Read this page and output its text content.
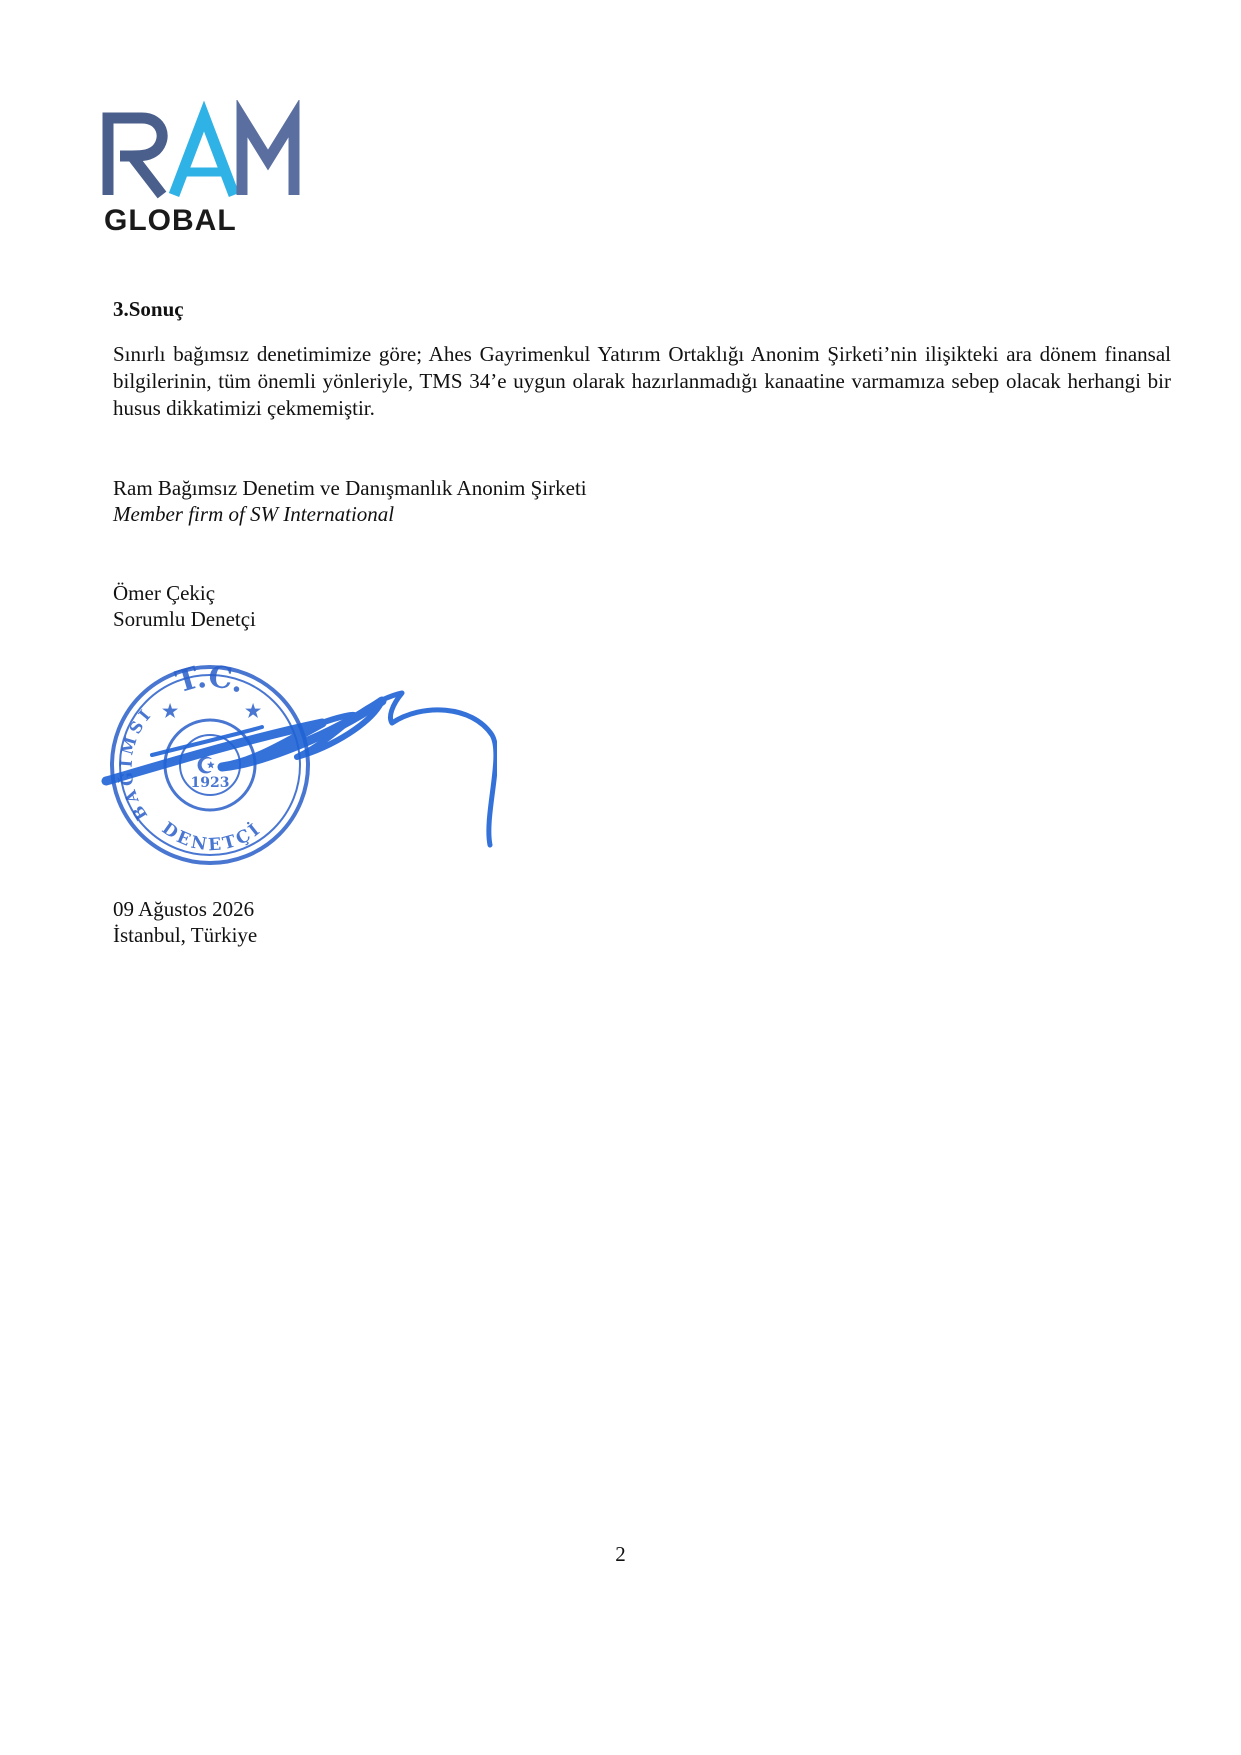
GLOBAL
3.Sonuç

Sınırlı bağımsız denetimimize göre; Ahes Gayrimenkul Yatırım Ortaklığı Anonim Şirketi’nin ilişikteki ara dönem finansal bilgilerinin, tüm önemli yönleriyle, TMS 34’e uygun olarak hazırlanmadığı kanaatine varmamıza sebep olacak herhangi bir husus dikkatimizi çekmemiştir.

Ram Bağımsız Denetim ve Danışmanlık Anonim Şirketi
Member firm of SW International
Ömer Çekiç
Sorumlu Denetçi
★	★
T.C.
BAĞIMSI
DENETÇİ
1923
☪
09 Ağustos 2026
İstanbul, Türkiye
2
